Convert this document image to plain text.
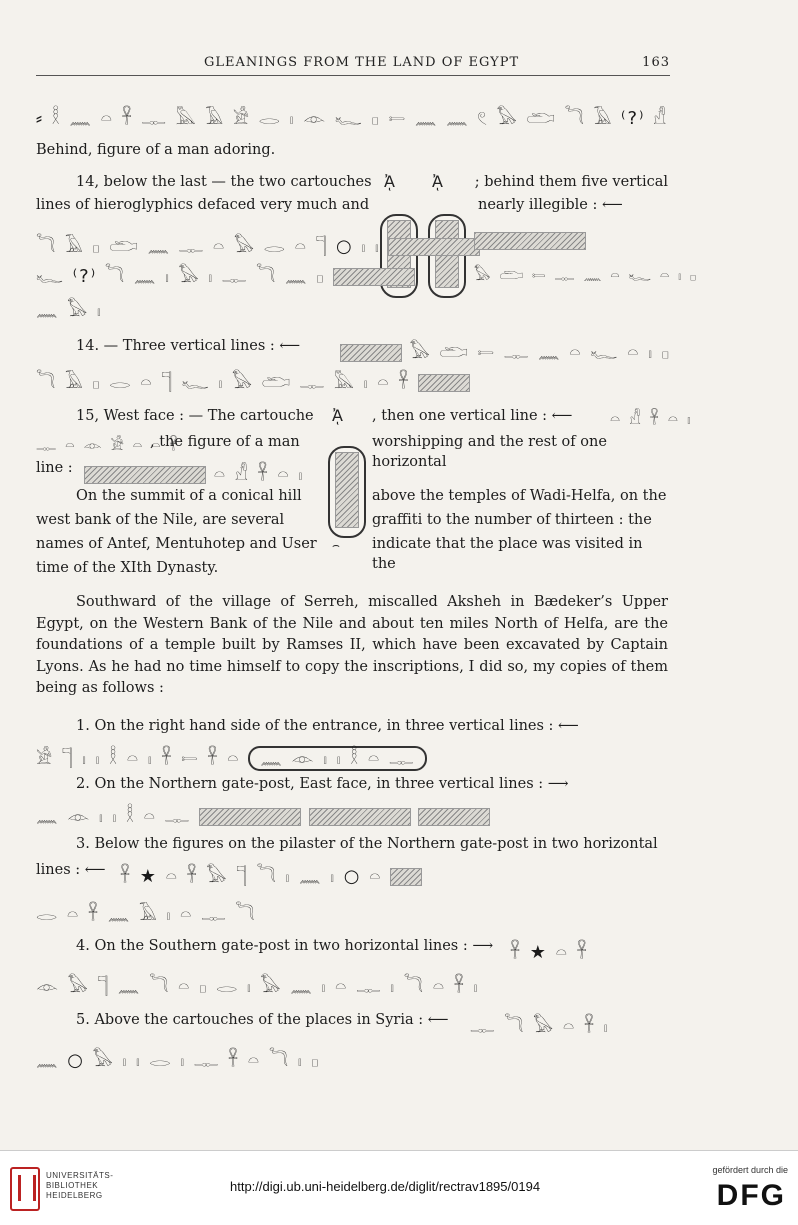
GLEANINGS FROM THE LAND OF EGYPT	163
⸗ 𓎛 𓈖 𓏏 𓋹 𓊃 𓅓 𓄿 𓀀 𓂋 𓏤 𓁹 𓆑 𓊪 𓍿 𓈖 𓈖 𓏲 𓅃 𓂧 𓆓 𓄿 ⁽?⁾ 𓀭
Behind, figure of a man adoring.
14, below the last — the two cartouches
lines of hieroglyphics defaced very much and
; behind them five vertical
nearly illegible : ⟵
ᾈ ᾈ
𓆓 𓄿 𓊪 𓂧 𓈖 𓊃 𓏏 𓅃 𓂋 𓏏 𓊹 ○ 𓏤 𓏤
𓆑 ⁽?⁾ 𓆓 𓈖 𓏤 𓅃 𓏤 𓊃 𓆓 𓈖 𓊪	𓅃 𓂧 𓍿 𓊃 𓈖 𓏏 𓆑 𓏏 𓏤 𓊪
𓈖 𓅃 𓏤
14. — Three vertical lines : ⟵	𓅃 𓂧 𓍿 𓊃 𓈖 𓏏 𓆑 𓏏 𓏤 𓊪
𓆓 𓄿 𓊪 𓂋 𓏏 𓊹 𓆑 𓏤 𓅃 𓂧 𓊃 𓅓 𓏤 𓏏 𓋹
15, West face : — The cartouche	, then one vertical line : ⟵	𓏏 𓀭 𓋹 𓏏 𓏤
𓊃 𓏏 𓁹 𓀀 𓏏 𓏏 𓋹
, the figure of a man	worshipping and the rest of one horizontal
line :	𓏏 𓀭 𓋹 𓏏 𓏤
ᾈ
⌢
On the summit of a conical hill	above the temples of Wadi-Helfa, on the
west bank of the Nile, are several	graffiti to the number of thirteen : the
names of Antef, Mentuhotep and User	indicate that the place was visited in the
time of the XIth Dynasty.
Southward of the village of Serreh, miscalled Aksheh in Bædeker’s Upper Egypt, on the Western Bank of the Nile and about ten miles North of Helfa, are the foundations of a temple built by Ramses II, which have been excavated by Captain Lyons. As he had no time himself to copy the inscriptions, I did so, my copies of them being as follows :
1. On the right hand side of the entrance, in three vertical lines : ⟵
𓀀 𓊹 𓏤 𓏤 𓎛 𓏏 𓏤 𓋹 𓍿 𓋹 𓏏 𓈖 𓁹 𓏤 𓏤 𓎛 𓏏 𓊃
2. On the Northern gate-post, East face, in three vertical lines : ⟶
𓈖 𓁹 𓏤 𓏤 𓎛 𓏏 𓊃
3. Below the figures on the pilaster of the Northern gate-post in two horizontal
lines : ⟵ 𓋹 ★ 𓏏 𓋹 𓅃 𓊹 𓆓 𓏤 𓈖 𓏤 ○ 𓏏
𓂋 𓏏 𓋹 𓈖 𓄿 𓏤 𓏏 𓊃 𓆓
4. On the Southern gate-post in two horizontal lines : ⟶ 𓋹 ★ 𓏏 𓋹
𓁹 𓅃 𓊹 𓈖 𓆓 𓏏 𓊪 𓂋 𓏤 𓅃 𓈖 𓏤 𓏏 𓊃 𓏤 𓆓 𓏏 𓋹 𓏤
5. Above the cartouches of the places in Syria : ⟵	𓊃 𓆓 𓅃 𓏏 𓋹 𓏤
𓈖 ○ 𓅃 𓏤 𓏤 𓂋 𓏤 𓊃 𓋹 𓏏 𓆓 𓏤 𓊪
UNIVERSITÄTS-
BIBLIOTHEK
HEIDELBERG
http://digi.ub.uni-heidelberg.de/diglit/rectrav1895/0194
gefördert durch die
DFG
